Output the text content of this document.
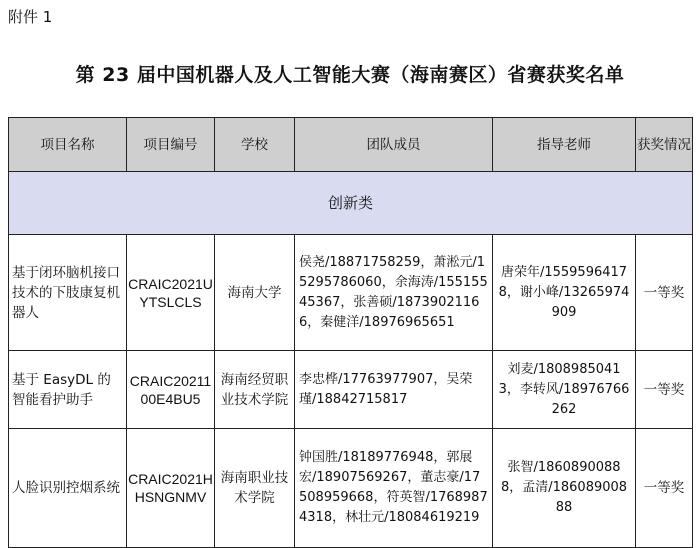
附件 1
第 23 届中国机器人及人工智能大赛（海南赛区）省赛获奖名单
项目名称	项目编号	学校	团队成员	指导老师	获奖情况
创新类					
基于闭环脑机接口技术的下肢康复机器人	CRAIC2021UYTSLCLS	海南大学	侯尧/18871758259，萧淞元/15295786060，余海涛/15515545367，张善硕/18739021166，秦健洋/18976965651	唐荣年/15595964178，谢小峰/13265974909	一等奖
基于 EasyDL 的智能看护助手	CRAIC2021100E4BU5	海南经贸职业技术学院	李忠桦/17763977907，吴荣瑾/18842715817	刘麦/18089850413，李转风/18976766262	一等奖
人脸识别控烟系统	CRAIC2021HHSNGNMV	海南职业技术学院	钟国胜/18189776948，郭展宏/18907569267，董志豪/17508959668，符英智/17689874318，林壮元/18084619219	张智/18608900888，孟清/18608900888	一等奖
